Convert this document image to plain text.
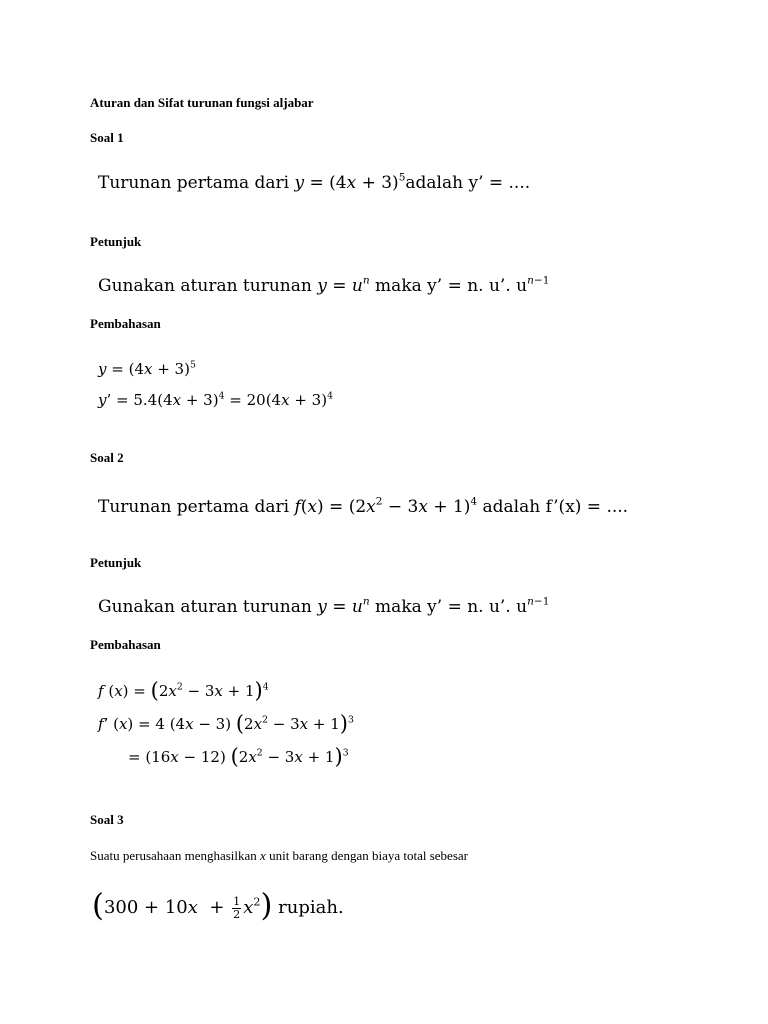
Aturan dan Sifat turunan fungsi aljabar
Soal 1
Turunan pertama dari $y = (4x + 3)^5adalah$ y’ = ....
Petunjuk
Gunakan aturan turunan $y = u^n$ maka y’ = n. u’. $u^{n-1}$
Pembahasan
$y = (4x + 3)^5$
y’ = $5.4(4x + 3)^4 = 20(4x + 3)^4$
Soal 2
Turunan pertama dari $f(x) = (2x^2 - 3x + 1)^4$ adalah f’(x) = ....
Petunjuk
Gunakan aturan turunan $y = u^n$ maka y’ = n. u’. $u^{n-1}$
Pembahasan
f $(x) = (2x^2 - 3x + 1)^4$
f’ (x) = 4 (4x − 3) $(2x^2 - 3x + 1)^3$
= (16x − 12) $(2x^2 - 3x + 1)^3$
Soal 3
Suatu perusahaan menghasilkan x unit barang dengan biaya total sebesar
$(300 + 10x + \frac{1}{2} x^2)$ rupiah.
